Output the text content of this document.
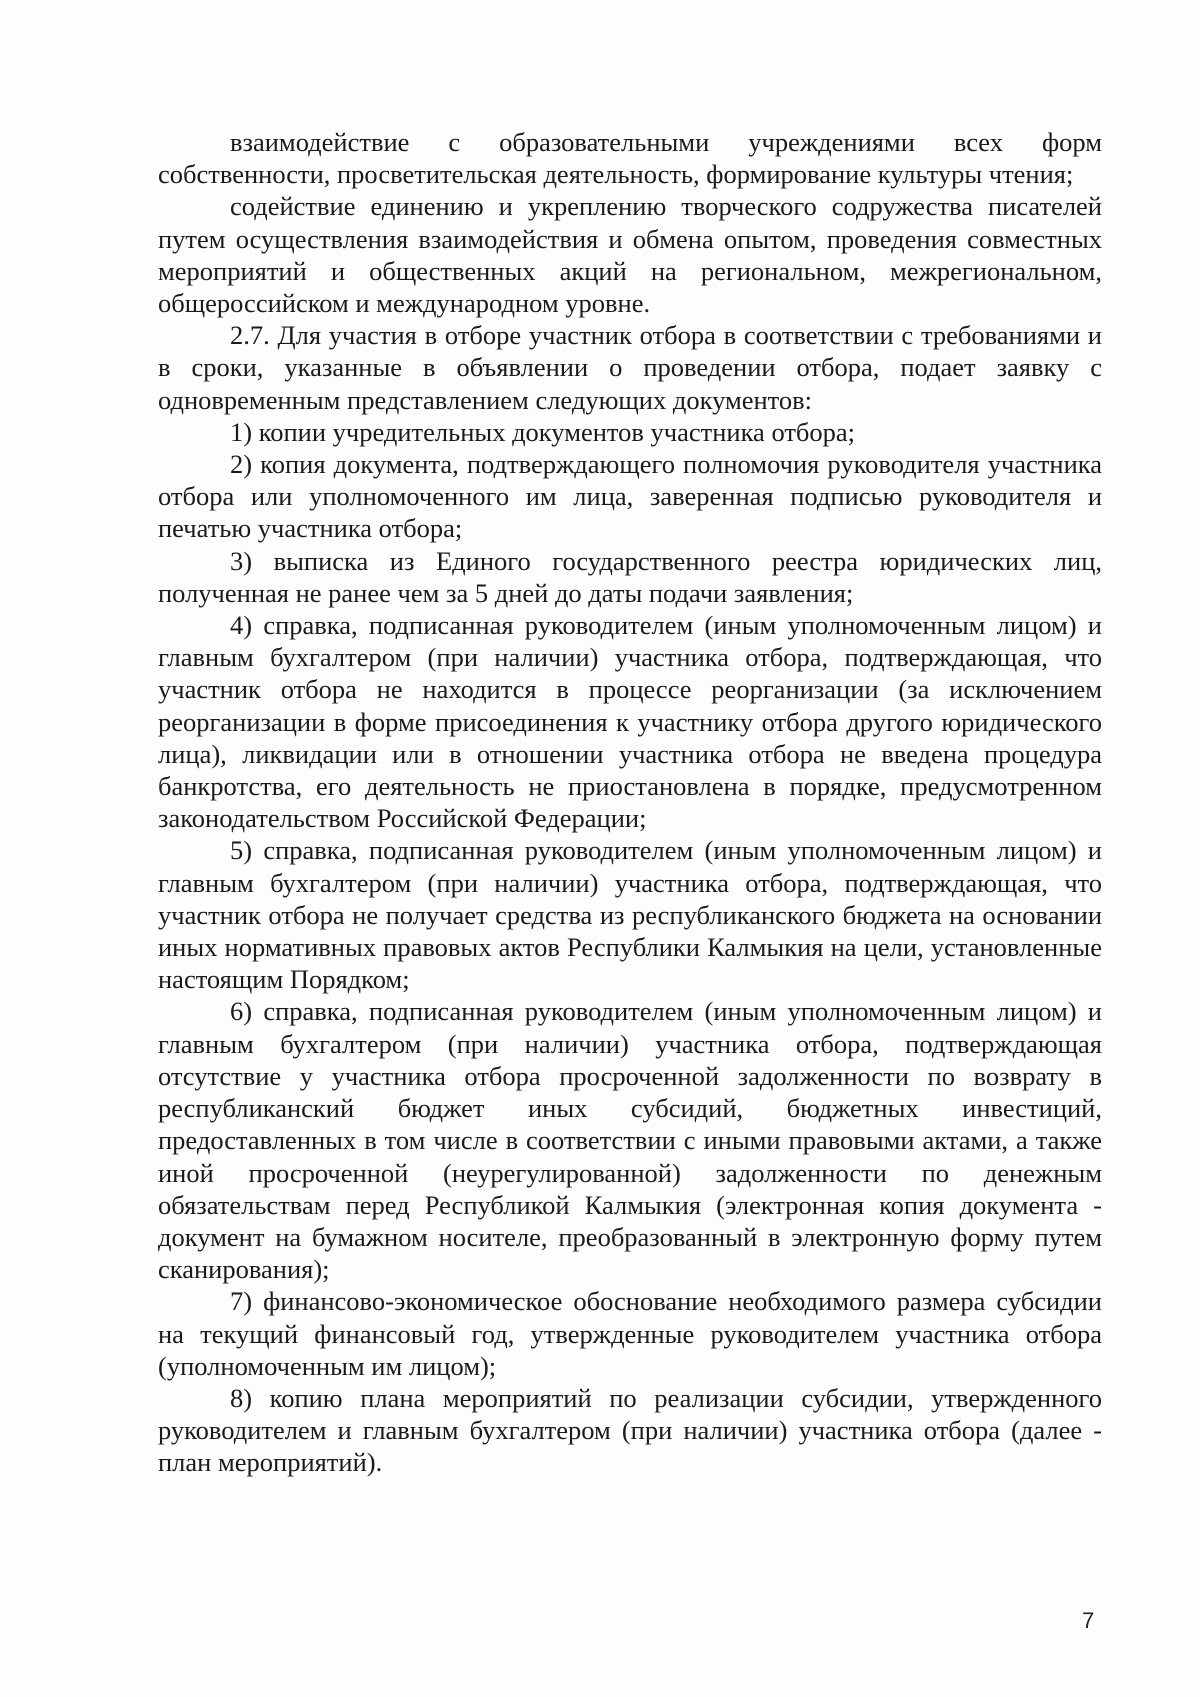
взаимодействие с образовательными учреждениями всех форм собственности, просветительская деятельность, формирование культуры чтения;

содействие единению и укреплению творческого содружества писателей путем осуществления взаимодействия и обмена опытом, проведения совместных мероприятий и общественных акций на региональном, межрегиональном, общероссийском и международном уровне.

2.7. Для участия в отборе участник отбора в соответствии с требованиями и в сроки, указанные в объявлении о проведении отбора, подает заявку с одновременным представлением следующих документов:

1) копии учредительных документов участника отбора;

2) копия документа, подтверждающего полномочия руководителя участника отбора или уполномоченного им лица, заверенная подписью руководителя и печатью участника отбора;

3) выписка из Единого государственного реестра юридических лиц, полученная не ранее чем за 5 дней до даты подачи заявления;

4) справка, подписанная руководителем (иным уполномоченным лицом) и главным бухгалтером (при наличии) участника отбора, подтверждающая, что участник отбора не находится в процессе реорганизации (за исключением реорганизации в форме присоединения к участнику отбора другого юридического лица), ликвидации или в отношении участника отбора не введена процедура банкротства, его деятельность не приостановлена в порядке, предусмотренном законодательством Российской Федерации;

5) справка, подписанная руководителем (иным уполномоченным лицом) и главным бухгалтером (при наличии) участника отбора, подтверждающая, что участник отбора не получает средства из республиканского бюджета на основании иных нормативных правовых актов Республики Калмыкия на цели, установленные настоящим Порядком;

6) справка, подписанная руководителем (иным уполномоченным лицом) и главным бухгалтером (при наличии) участника отбора, подтверждающая отсутствие у участника отбора просроченной задолженности по возврату в республиканский бюджет иных субсидий, бюджетных инвестиций, предоставленных в том числе в соответствии с иными правовыми актами, а также иной просроченной (неурегулированной) задолженности по денежным обязательствам перед Республикой Калмыкия (электронная копия документа - документ на бумажном носителе, преобразованный в электронную форму путем сканирования);

7) финансово-экономическое обоснование необходимого размера субсидии на текущий финансовый год, утвержденные руководителем участника отбора (уполномоченным им лицом);

8) копию плана мероприятий по реализации субсидии, утвержденного руководителем и главным бухгалтером (при наличии) участника отбора (далее - план мероприятий).

7
